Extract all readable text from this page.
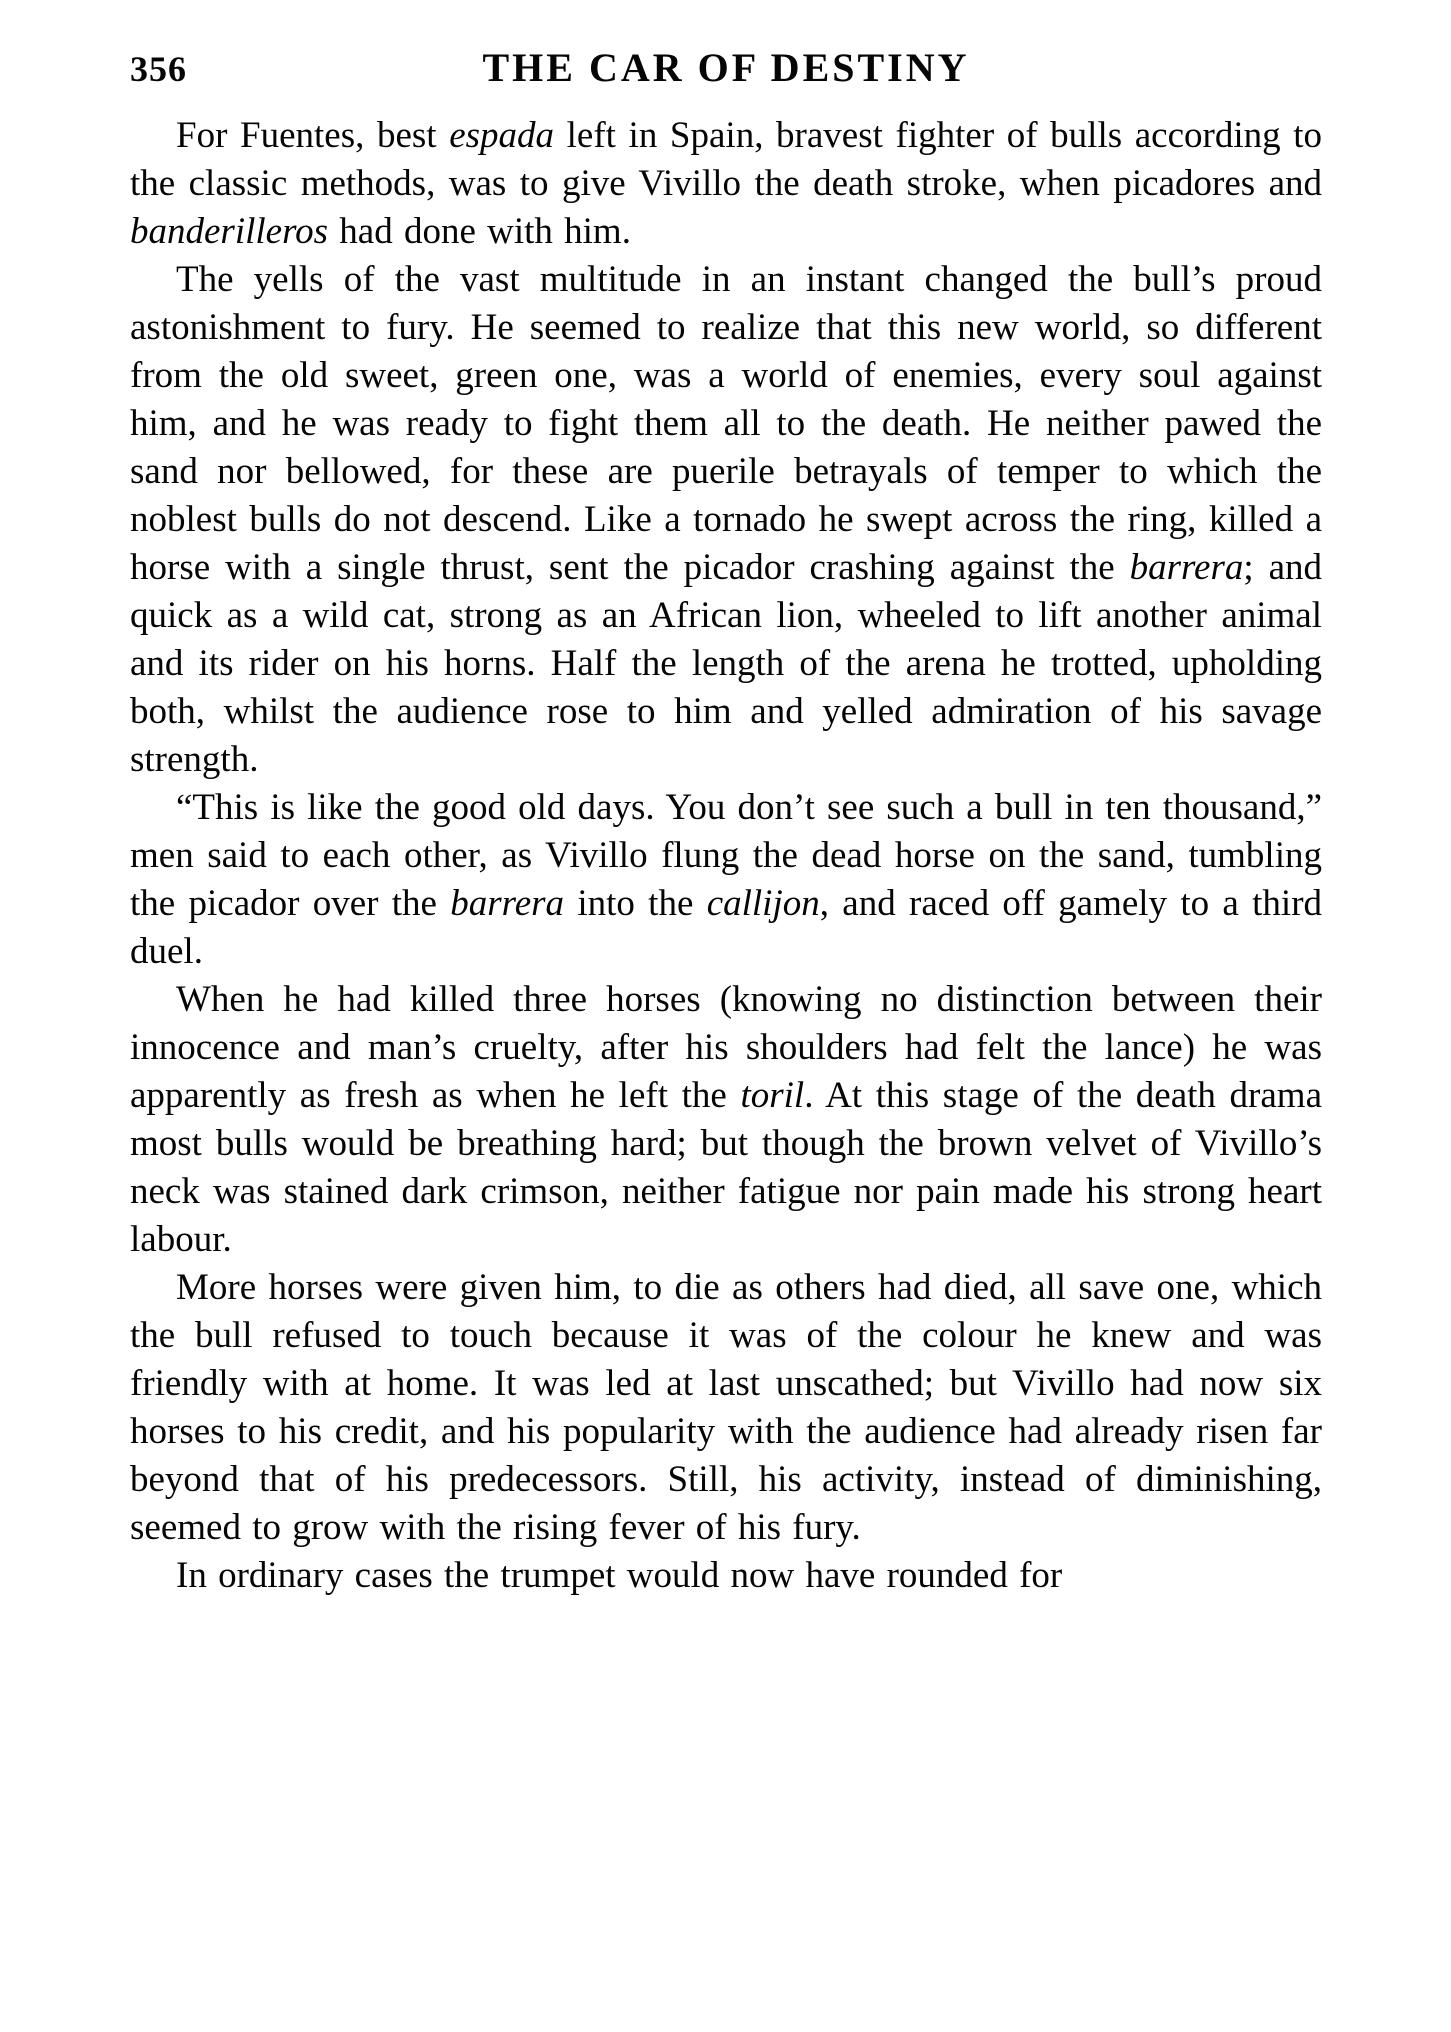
356	THE CAR OF DESTINY

For Fuentes, best espada left in Spain, bravest fighter of bulls according to the classic methods, was to give Vivillo the death stroke, when picadores and banderilleros had done with him.

The yells of the vast multitude in an instant changed the bull’s proud astonishment to fury. He seemed to realize that this new world, so different from the old sweet, green one, was a world of enemies, every soul against him, and he was ready to fight them all to the death. He neither pawed the sand nor bellowed, for these are puerile betrayals of temper to which the noblest bulls do not descend. Like a tornado he swept across the ring, killed a horse with a single thrust, sent the picador crashing against the barrera; and quick as a wild cat, strong as an African lion, wheeled to lift another animal and its rider on his horns. Half the length of the arena he trotted, upholding both, whilst the audience rose to him and yelled admiration of his savage strength.

“This is like the good old days. You don’t see such a bull in ten thousand,” men said to each other, as Vivillo flung the dead horse on the sand, tumbling the picador over the barrera into the callijon, and raced off gamely to a third duel.

When he had killed three horses (knowing no distinction between their innocence and man’s cruelty, after his shoulders had felt the lance) he was apparently as fresh as when he left the toril. At this stage of the death drama most bulls would be breathing hard; but though the brown velvet of Vivillo’s neck was stained dark crimson, neither fatigue nor pain made his strong heart labour.

More horses were given him, to die as others had died, all save one, which the bull refused to touch because it was of the colour he knew and was friendly with at home. It was led at last unscathed; but Vivillo had now six horses to his credit, and his popularity with the audience had already risen far beyond that of his predecessors. Still, his activity, instead of diminishing, seemed to grow with the rising fever of his fury.

In ordinary cases the trumpet would now have rounded for
